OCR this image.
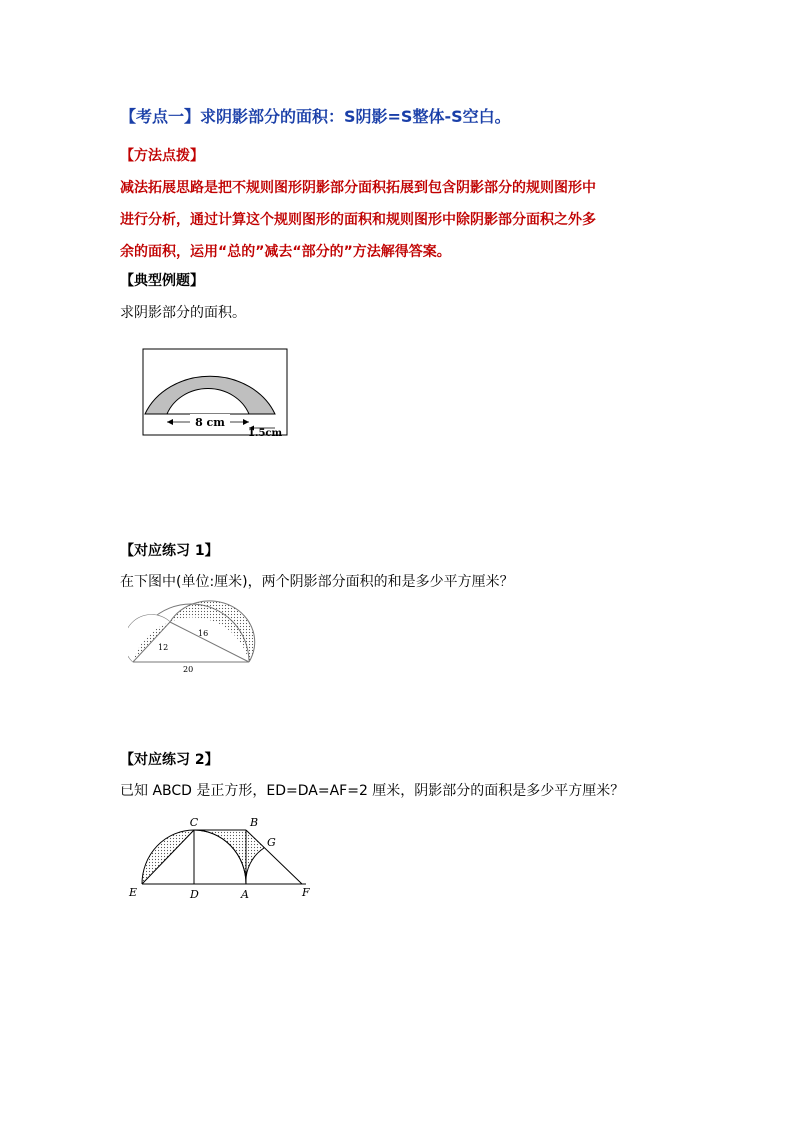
【考点一】求阴影部分的面积：S阴影=S整体-S空白。
【方法点拨】
减法拓展思路是把不规则图形阴影部分面积拓展到包含阴影部分的规则图形中
进行分析，通过计算这个规则图形的面积和规则图形中除阴影部分面积之外多
余的面积，运用“总的”减去“部分的”方法解得答案。
【典型例题】
求阴影部分的面积。
8 cm
1.5cm
【对应练习 1】
在下图中(单位:厘米)，两个阴影部分面积的和是多少平方厘米？
12
16
20
【对应练习 2】
已知 ABCD 是正方形，ED=DA=AF=2 厘米，阴影部分的面积是多少平方厘米？
C	B
G
E	D	A	F
